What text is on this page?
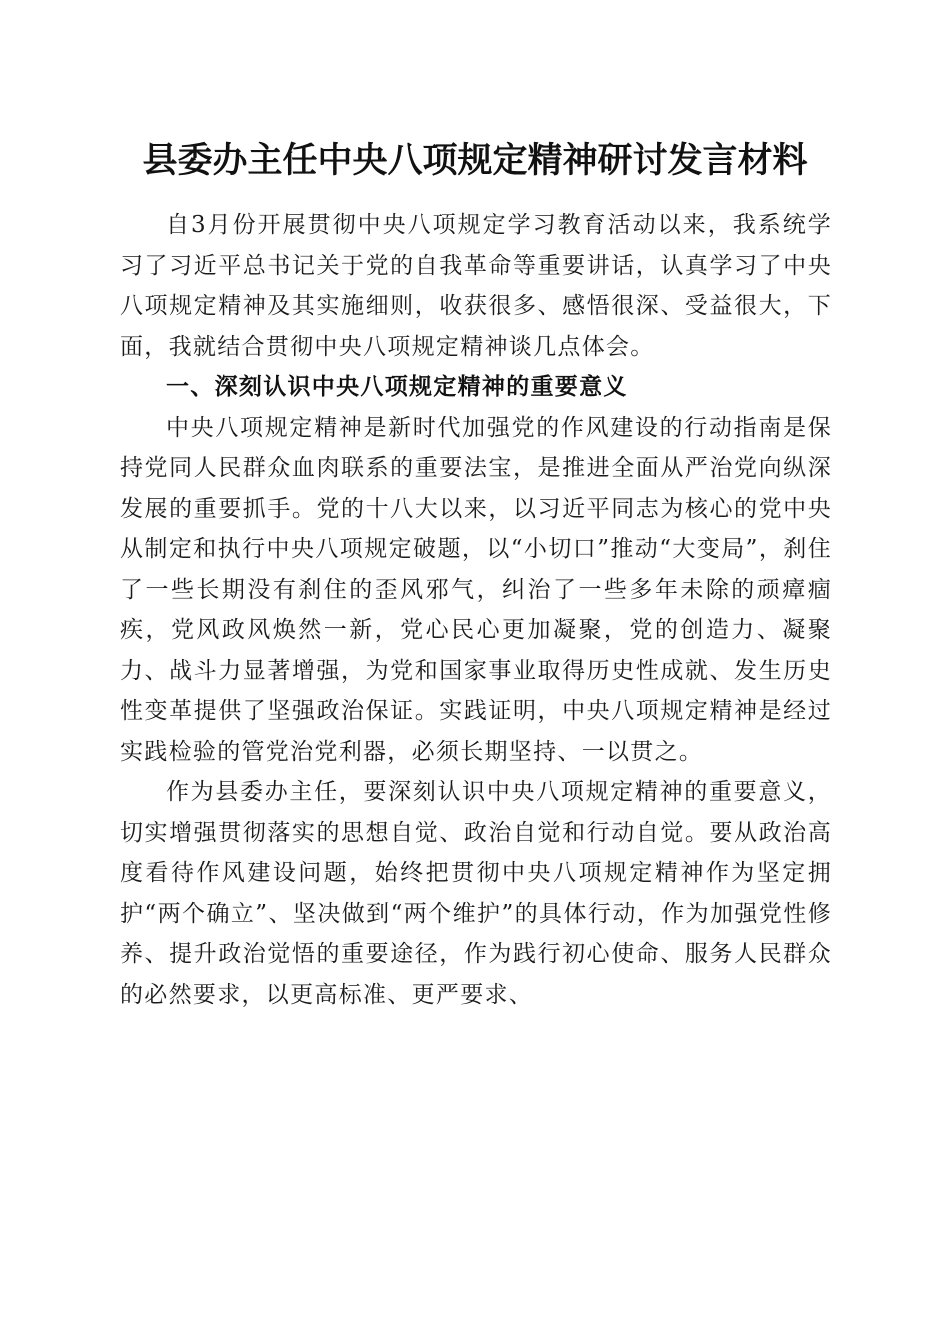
县委办主任中央八项规定精神研讨发言材料

自3月份开展贯彻中央八项规定学习教育活动以来，我系统学习了习近平总书记关于党的自我革命等重要讲话，认真学习了中央八项规定精神及其实施细则，收获很多、感悟很深、受益很大，下面，我就结合贯彻中央八项规定精神谈几点体会。

一、深刻认识中央八项规定精神的重要意义

中央八项规定精神是新时代加强党的作风建设的行动指南是保持党同人民群众血肉联系的重要法宝，是推进全面从严治党向纵深发展的重要抓手。党的十八大以来，以习近平同志为核心的党中央从制定和执行中央八项规定破题，以“小切口”推动“大变局”，刹住了一些长期没有刹住的歪风邪气，纠治了一些多年未除的顽瘴痼疾，党风政风焕然一新，党心民心更加凝聚，党的创造力、凝聚力、战斗力显著增强，为党和国家事业取得历史性成就、发生历史性变革提供了坚强政治保证。实践证明，中央八项规定精神是经过实践检验的管党治党利器，必须长期坚持、一以贯之。

作为县委办主任，要深刻认识中央八项规定精神的重要意义，切实增强贯彻落实的思想自觉、政治自觉和行动自觉。要从政治高度看待作风建设问题，始终把贯彻中央八项规定精神作为坚定拥护“两个确立”、坚决做到“两个维护”的具体行动，作为加强党性修养、提升政治觉悟的重要途径，作为践行初心使命、服务人民群众的必然要求，以更高标准、更严要求、
